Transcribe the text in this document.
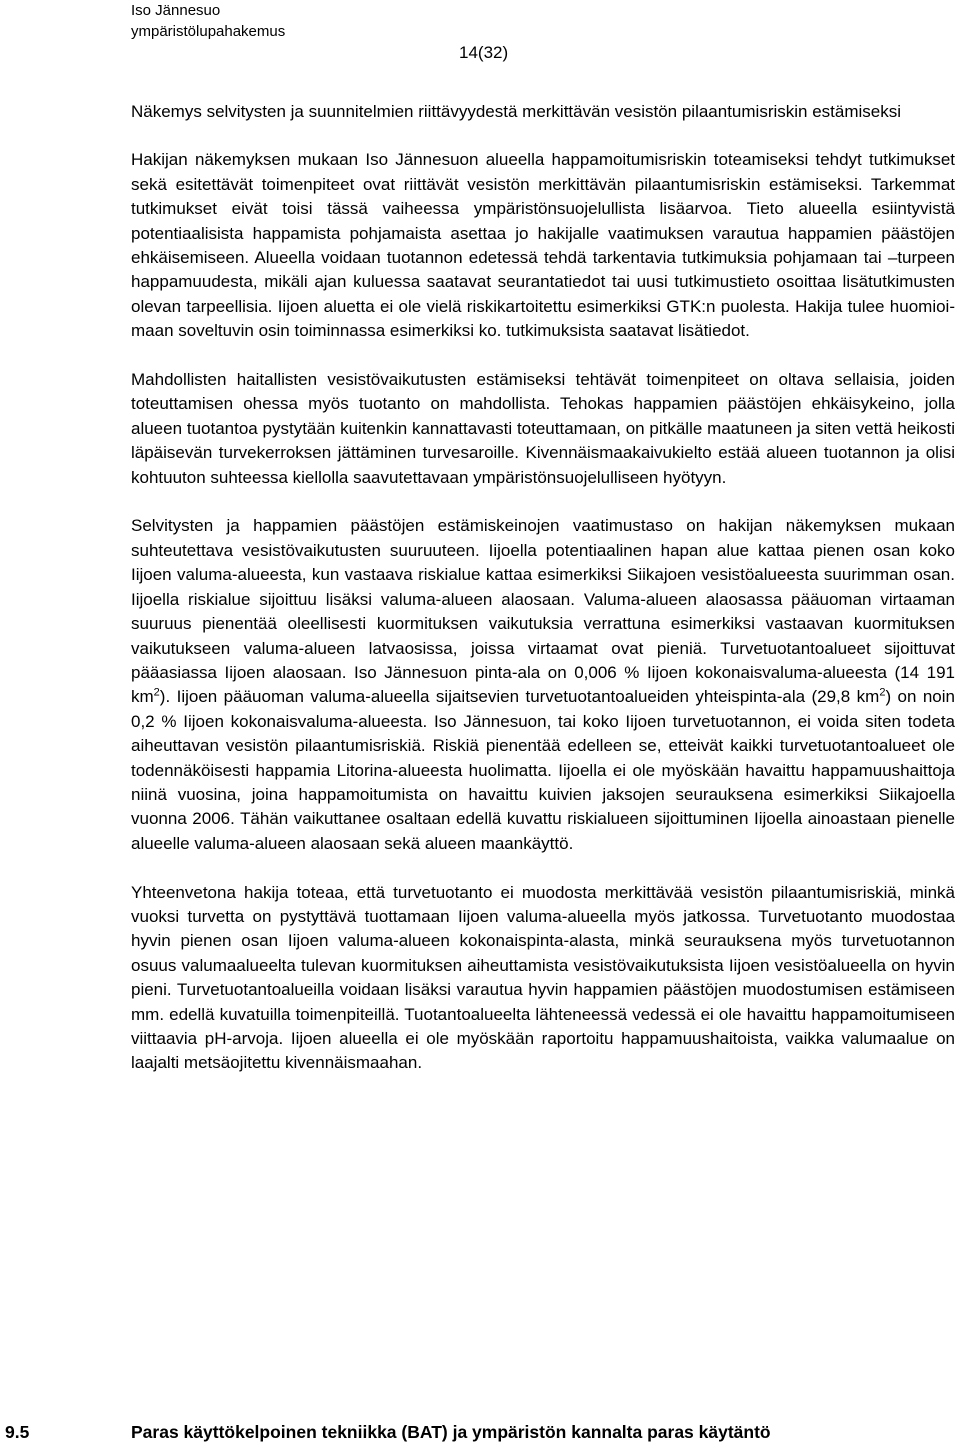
Iso Jännesuo
ympäristölupahakemus
14(32)

Näkemys selvitysten ja suunnitelmien riittävyydestä merkittävän vesistön pilaantumisriskin estämiseksi

Hakijan näkemyksen mukaan Iso Jännesuon alueella happamoitumisriskin toteamiseksi tehdyt tutkimukset sekä esitettävät toimenpiteet ovat riittävät vesistön merkittävän pilaantumisriskin estämiseksi. Tarkemmat tutkimukset eivät toisi tässä vaiheessa ympäristönsuojelullista lisäarvoa. Tieto alueella esiintyvistä potentiaalisista happamista pohjamaista asettaa jo hakijalle vaatimuksen varautua happamien päästöjen ehkäisemiseen. Alueella voidaan tuotannon edetessä tehdä tarkentavia tutkimuksia pohjamaan tai –turpeen happamuudesta, mikäli ajan kuluessa saatavat seurantatiedot tai uusi tutkimustieto osoittaa lisätutkimusten olevan tarpeellisia. Iijoen aluetta ei ole vielä riskikartoitettu esimerkiksi GTK:n puolesta. Hakija tulee huomioimaan soveltuvin osin toiminnassa esimerkiksi ko. tutkimuksista saatavat lisätiedot.

Mahdollisten haitallisten vesistövaikutusten estämiseksi tehtävät toimenpiteet on oltava sellaisia, joiden toteuttamisen ohessa myös tuotanto on mahdollista. Tehokas happamien päästöjen ehkäisykeino, jolla alueen tuotantoa pystytään kuitenkin kannattavasti toteuttamaan, on pitkälle maatuneen ja siten vettä heikosti läpäisevän turvekerroksen jättäminen turvesaroille. Kivennäismaakaivukielto estää alueen tuotannon ja olisi kohtuuton suhteessa kiellolla saavutettavaan ympäristönsuojelulliseen hyötyyn.

Selvitysten ja happamien päästöjen estämiskeinojen vaatimustaso on hakijan näkemyksen mukaan suhteutettava vesistövaikutusten suuruuteen. Iijoella potentiaalinen hapan alue kattaa pienen osan koko Iijoen valuma-alueesta, kun vastaava riskialue kattaa esimerkiksi Siikajoen vesistöalueesta suurimman osan. Iijoella riskialue sijoittuu lisäksi valuma-alueen alaosaan. Valuma-alueen alaosassa pääuoman virtaaman suuruus pienentää oleellisesti kuormituksen vaikutuksia verrattuna esimerkiksi vastaavan kuormituksen vaikutukseen valuma-alueen latvaosissa, joissa virtaamat ovat pieniä. Turvetuotantoalueet sijoittuvat pääasiassa Iijoen alaosaan. Iso Jännesuon pinta-ala on 0,006 % Iijoen kokonaisvaluma-alueesta (14 191 $km^2$). Iijoen pääuoman valuma-alueella sijaitsevien turvetuotantoalueiden yhteispinta-ala (29,8 $km^2$) on noin 0,2 % Iijoen kokonaisvaluma-alueesta. Iso Jännesuon, tai koko Iijoen turvetuotannon, ei voida siten todeta aiheuttavan vesistön pilaantumisriskiä. Riskiä pienentää edelleen se, etteivät kaikki turvetuotantoalueet ole todennäköisesti happamia Litorina-alueesta huolimatta. Iijoella ei ole myöskään havaittu happamuushaittoja niinä vuosina, joina happamoitumista on havaittu kuivien jaksojen seurauksena esimerkiksi Siikajoella vuonna 2006. Tähän vaikuttanee osaltaan edellä kuvattu riskialueen sijoittuminen Iijoella ainoastaan pienelle alueelle valuma-alueen alaosaan sekä alueen maankäyttö.

Yhteenvetona hakija toteaa, että turvetuotanto ei muodosta merkittävää vesistön pilaantumisriskiä, minkä vuoksi turvetta on pystyttävä tuottamaan Iijoen valuma-alueella myös jatkossa. Turvetuotanto muodostaa hyvin pienen osan Iijoen valuma-alueen kokonaispinta-alasta, minkä seurauksena myös turvetuotannon osuus valumaalueelta tulevan kuormituksen aiheuttamista vesistövaikutuksista Iijoen vesistöalueella on hyvin pieni. Turvetuotantoalueilla voidaan lisäksi varautua hyvin happamien päästöjen muodostumisen estämiseen mm. edellä kuvatuilla toimenpiteillä. Tuotantoalueelta lähteneessä vedessä ei ole havaittu happamoitumiseen viittaavia pH-arvoja. Iijoen alueella ei ole myöskään raportoitu happamuushaitoista, vaikka valumaalue on laajalti metsäojitettu kivennäismaahan.

9.5	Paras käyttökelpoinen tekniikka (BAT) ja ympäristön kannalta paras käytäntö
